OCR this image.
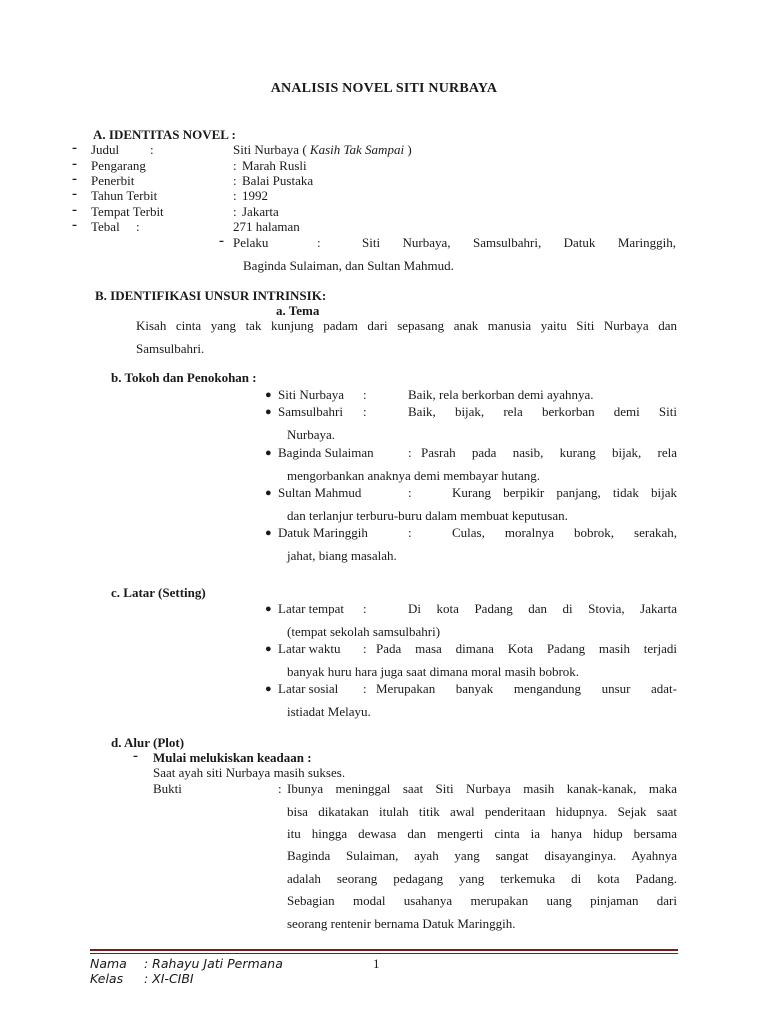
ANALISIS NOVEL SITI NURBAYA
A. IDENTITAS NOVEL :
- Judul :	Siti Nurbaya ( Kasih Tak Sampai )
- Pengarang	: Marah Rusli
- Penerbit	: Balai Pustaka
- Tahun Terbit	: 1992
- Tempat Terbit	: Jakarta
- Tebal :	271 halaman
- Pelaku	:	Siti Nurbaya, Samsulbahri, Datuk Maringgih,
Baginda Sulaiman, dan Sultan Mahmud.
B. IDENTIFIKASI UNSUR INTRINSIK:
a. Tema
Kisah cinta yang tak kunjung padam dari sepasang anak manusia yaitu Siti Nurbaya dan
Samsulbahri.
b. Tokoh dan Penokohan :
● Siti Nurbaya :	Baik, rela berkorban demi ayahnya.
● Samsulbahri :	Baik, bijak, rela berkorban demi Siti
Nurbaya.
● Baginda Sulaiman	: Pasrah pada nasib, kurang bijak, rela
mengorbankan anaknya demi membayar hutang.
● Sultan Mahmud	:	Kurang berpikir panjang, tidak bijak
dan terlanjur terburu-buru dalam membuat keputusan.
● Datuk Maringgih	:	Culas, moralnya bobrok, serakah,
jahat, biang masalah.
c. Latar (Setting)
● Latar tempat :	Di kota Padang dan di Stovia, Jakarta
(tempat sekolah samsulbahri)
● Latar waktu : Pada masa dimana Kota Padang masih terjadi
banyak huru hara juga saat dimana moral masih bobrok.
● Latar sosial : Merupakan banyak mengandung unsur adat-
istiadat Melayu.
d. Alur (Plot)
- Mulai melukiskan keadaan :
Saat ayah siti Nurbaya masih sukses.
Bukti	: Ibunya meninggal saat Siti Nurbaya masih kanak-kanak, maka
bisa dikatakan itulah titik awal penderitaan hidupnya. Sejak saat
itu hingga dewasa dan mengerti cinta ia hanya hidup bersama
Baginda Sulaiman, ayah yang sangat disayanginya. Ayahnya
adalah seorang pedagang yang terkemuka di kota Padang.
Sebagian modal usahanya merupakan uang pinjaman dari
seorang rentenir bernama Datuk Maringgih.
Nama : Rahayu Jati Permana	1
Kelas : XI-CIBI
